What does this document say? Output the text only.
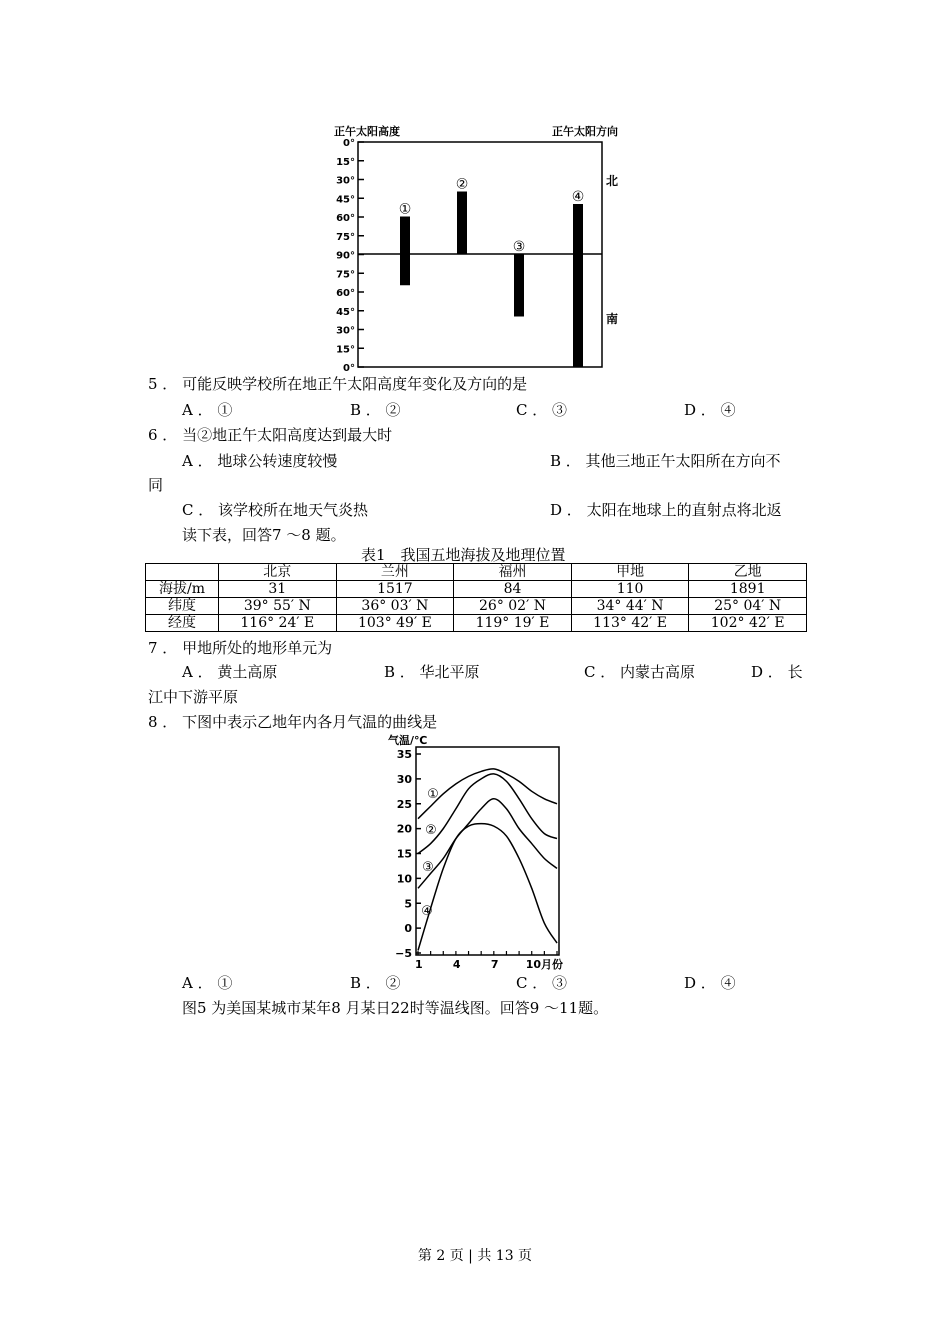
正午太阳高度	正午太阳方向
0°
15°
30°
45°
60°
75°
90°
75°
60°
45°
30°
15°
0°
北
南
①
②
③
④
5 ． 可能反映学校所在地正午太阳高度年变化及方向的是
A ． ①	B ． ②	C ． ③	D ． ④
6 ． 当②地正午太阳高度达到最大时
A ． 地球公转速度较慢	B ． 其他三地正午太阳所在方向不
同
C ． 该学校所在地天气炎热	D ． 太阳在地球上的直射点将北返
读下表，回答7 ～8 题。
表1　我国五地海拔及地理位置
	北京	兰州	福州	甲地	乙地
海拔/m	31	1517	84	110	1891
纬度	39° 55′ N	36° 03′ N	26° 02′ N	34° 44′ N	25° 04′ N
经度	116° 24′ E	103° 49′ E	119° 19′ E	113° 42′ E	102° 42′ E
7 ． 甲地所处的地形单元为
A ． 黄土高原	B ． 华北平原	C ． 内蒙古高原	D ． 长
江中下游平原
8 ． 下图中表示乙地年内各月气温的曲线是
气温/℃
35
30
25
20
15
10
5
0
−5
1	4	7 10月份
①
②
③
④
A ． ①	B ． ②	C ． ③	D ． ④
图5 为美国某城市某年8 月某日22时等温线图。回答9 ～11题。
第 2 页 | 共 13 页
